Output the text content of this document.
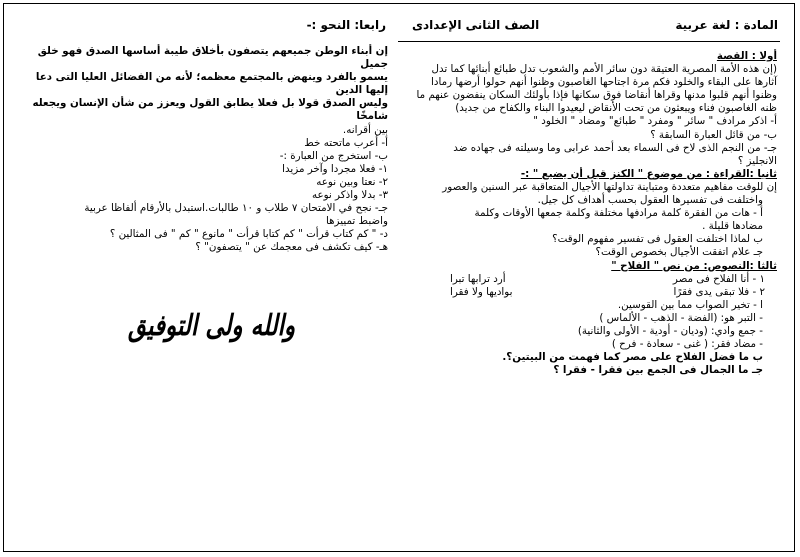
المادة : لغة عربية
الصف الثانى الإعدادى
رابعا: النحو :-

أولا : القصة

(إن هذه الأمة المصرية العتيقة دون سائر الأمم والشعوب تدل طبائع أبنائها كما تدل

آثارها على البقاء والخلود فكم مرة اجتاحها الغاصبون وظنوا أنهم حولوا أرضها رمادا

وظنوا أنهم قلبوا مدنها وقراها أنقاضا فوق سكانها فإذا بأولئك السكان ينفضون عنهم ما

ظنه الغاصبون فناء ويبعثون من تحت الأنقاض ليعيدوا البناء والكفاح من جديد)

أ- اذكر مرادف " سائر " ومفرد " طبائع" ومضاد " الخلود "

ب- من قائل العبارة السابقة ؟

جـ- من النجم الذى لاح فى السماء بعد أحمد عرابى وما وسيلته فى جهاده ضد

الانجليز ؟

ثانيا :القراءة : من موضوع " الكنز قبل أن يضيع " :-

إن للوقت مفاهيم متعددة ومتباينة تداولتها الأجيال المتعاقبة عبر السنين والعصور

واختلفت فى تفسيرها العقول بحسب أهداف كل جيل.

أ - هات من الفقرة كلمة مرادفها مختلفة وكلمة جمعها الأوقات وكلمة

مضادها قليلة .

ب لماذا اختلفت العقول فى تفسير مفهوم الوقت؟

جـ علام اتفقت الأجيال بخصوص الوقت؟

ثالثا :النصوص: من نص " الفلاح "

١ - أنا الفلاح فى مصر
أرد ترابها تبرا
٢ - فلا تبقى يدى فقرًا
بواديها ولا فقرا

ا - تخير الصواب مما بين القوسين.

- التبر هو: (الفضة - الذهب - الألماس )

- جمع وادي: (وديان - أودية - الأولى والثانية)

- مضاد فقر: ( غنى - سعادة - فرح )

ب ما فضل الفلاح على مصر كما فهمت من البيتين؟.

جـ ما الجمال فى الجمع بين فقرا - فقرا ؟

إن أبناء الوطن جميعهم يتصفون بأخلاق طيبة أساسها الصدق فهو خلق جميل

يسمو بالفرد وينهض بالمجتمع معظمه؛ لأنه من الفضائل العليا التى دعا إليها الدين

وليس الصدق قولا بل فعلا يطابق القول ويعزز من شأن الإنسان ويجعله شامخًا

بين أقرانه.

أ- أعرب ماتحته خط

ب- استخرج من العبارة :-

١- فعلا مجردا وآخر مزيدا

٢- نعتا وبين نوعه

٣- بدلا واذكر نوعه

جـ- نجح في الامتحان ٧ طلاب و ١٠ طالبات.استبدل بالأرقام ألفاظا عربية

واضبط تمييزها

د- " كم كتاب قرأت " كم كتابا قرأت " مانوع " كم " فى المثالين ؟

هـ- كيف تكشف فى معجمك عن " يتصفون" ؟

والله ولى التوفيق
